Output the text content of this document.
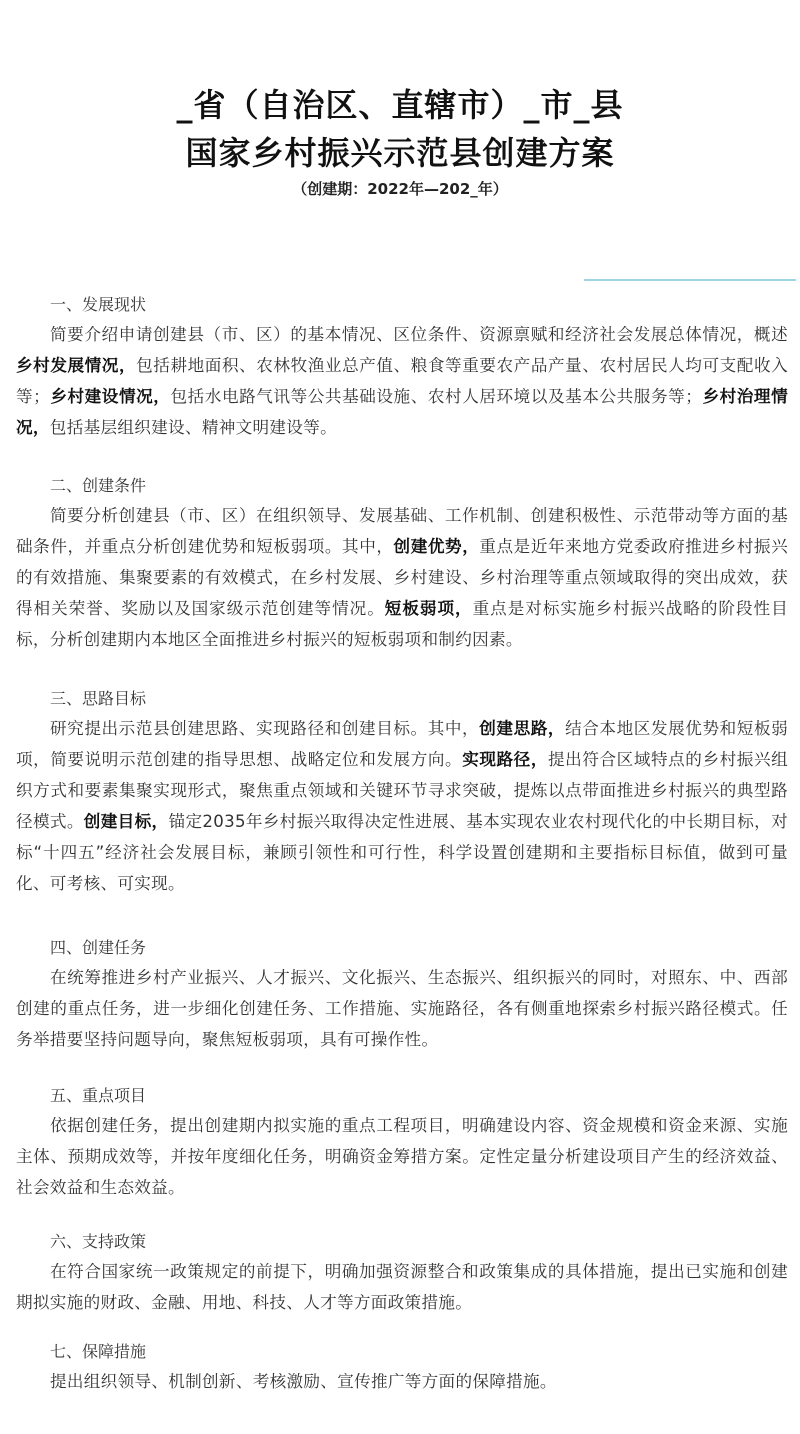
_省（自治区、直辖市）_市_县
国家乡村振兴示范县创建方案
（创建期：2022年—202_年）
一、发展现状
简要介绍申请创建县（市、区）的基本情况、区位条件、资源禀赋和经济社会发展总体情况，概述乡村发展情况，包括耕地面积、农林牧渔业总产值、粮食等重要农产品产量、农村居民人均可支配收入等；乡村建设情况，包括水电路气讯等公共基础设施、农村人居环境以及基本公共服务等；乡村治理情况，包括基层组织建设、精神文明建设等。
二、创建条件
简要分析创建县（市、区）在组织领导、发展基础、工作机制、创建积极性、示范带动等方面的基础条件，并重点分析创建优势和短板弱项。其中，创建优势，重点是近年来地方党委政府推进乡村振兴的有效措施、集聚要素的有效模式，在乡村发展、乡村建设、乡村治理等重点领域取得的突出成效，获得相关荣誉、奖励以及国家级示范创建等情况。短板弱项，重点是对标实施乡村振兴战略的阶段性目标，分析创建期内本地区全面推进乡村振兴的短板弱项和制约因素。
三、思路目标
研究提出示范县创建思路、实现路径和创建目标。其中，创建思路，结合本地区发展优势和短板弱项，简要说明示范创建的指导思想、战略定位和发展方向。实现路径，提出符合区域特点的乡村振兴组织方式和要素集聚实现形式，聚焦重点领域和关键环节寻求突破，提炼以点带面推进乡村振兴的典型路径模式。创建目标，锚定2035年乡村振兴取得决定性进展、基本实现农业农村现代化的中长期目标，对标“十四五”经济社会发展目标，兼顾引领性和可行性，科学设置创建期和主要指标目标值，做到可量化、可考核、可实现。
四、创建任务
在统筹推进乡村产业振兴、人才振兴、文化振兴、生态振兴、组织振兴的同时，对照东、中、西部创建的重点任务，进一步细化创建任务、工作措施、实施路径，各有侧重地探索乡村振兴路径模式。任务举措要坚持问题导向，聚焦短板弱项，具有可操作性。
五、重点项目
依据创建任务，提出创建期内拟实施的重点工程项目，明确建设内容、资金规模和资金来源、实施主体、预期成效等，并按年度细化任务，明确资金筹措方案。定性定量分析建设项目产生的经济效益、社会效益和生态效益。
六、支持政策
在符合国家统一政策规定的前提下，明确加强资源整合和政策集成的具体措施，提出已实施和创建期拟实施的财政、金融、用地、科技、人才等方面政策措施。
七、保障措施
提出组织领导、机制创新、考核激励、宣传推广等方面的保障措施。
